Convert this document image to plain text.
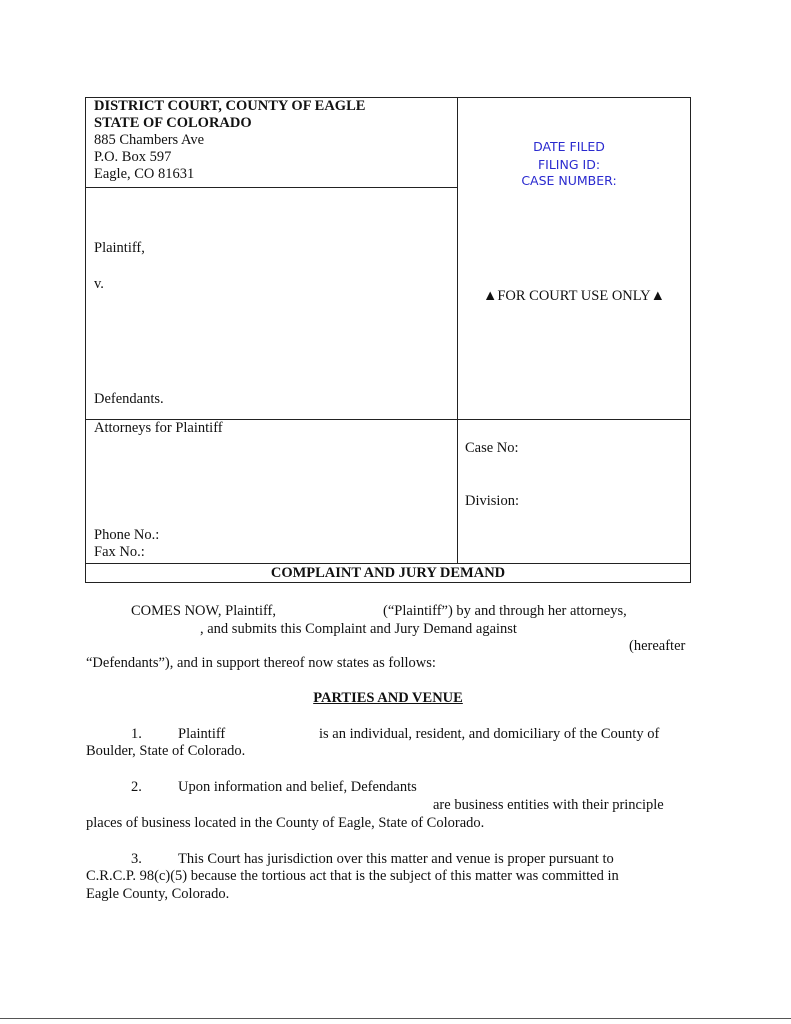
DISTRICT COURT, COUNTY OF EAGLE
STATE OF COLORADO
885 Chambers Ave
P.O. Box 597
Eagle, CO 81631
DATE FILED
FILING ID:
CASE NUMBER:
Plaintiff,
v.
Defendants.
▲FOR COURT USE ONLY▲
Attorneys for Plaintiff
Phone No.:
Fax No.:
Case No:
Division:
COMPLAINT AND JURY DEMAND
COMES NOW, Plaintiff,	(“Plaintiff”) by and through her attorneys,
, and submits this Complaint and Jury Demand against
(hereafter
“Defendants”), and in support thereof now states as follows:
PARTIES AND VENUE
1. Plaintiff	is an individual, resident, and domiciliary of the County of
Boulder, State of Colorado.
2. Upon information and belief, Defendants
are business entities with their principle
places of business located in the County of Eagle, State of Colorado.
3. This Court has jurisdiction over this matter and venue is proper pursuant to
C.R.C.P. 98(c)(5) because the tortious act that is the subject of this matter was committed in
Eagle County, Colorado.
